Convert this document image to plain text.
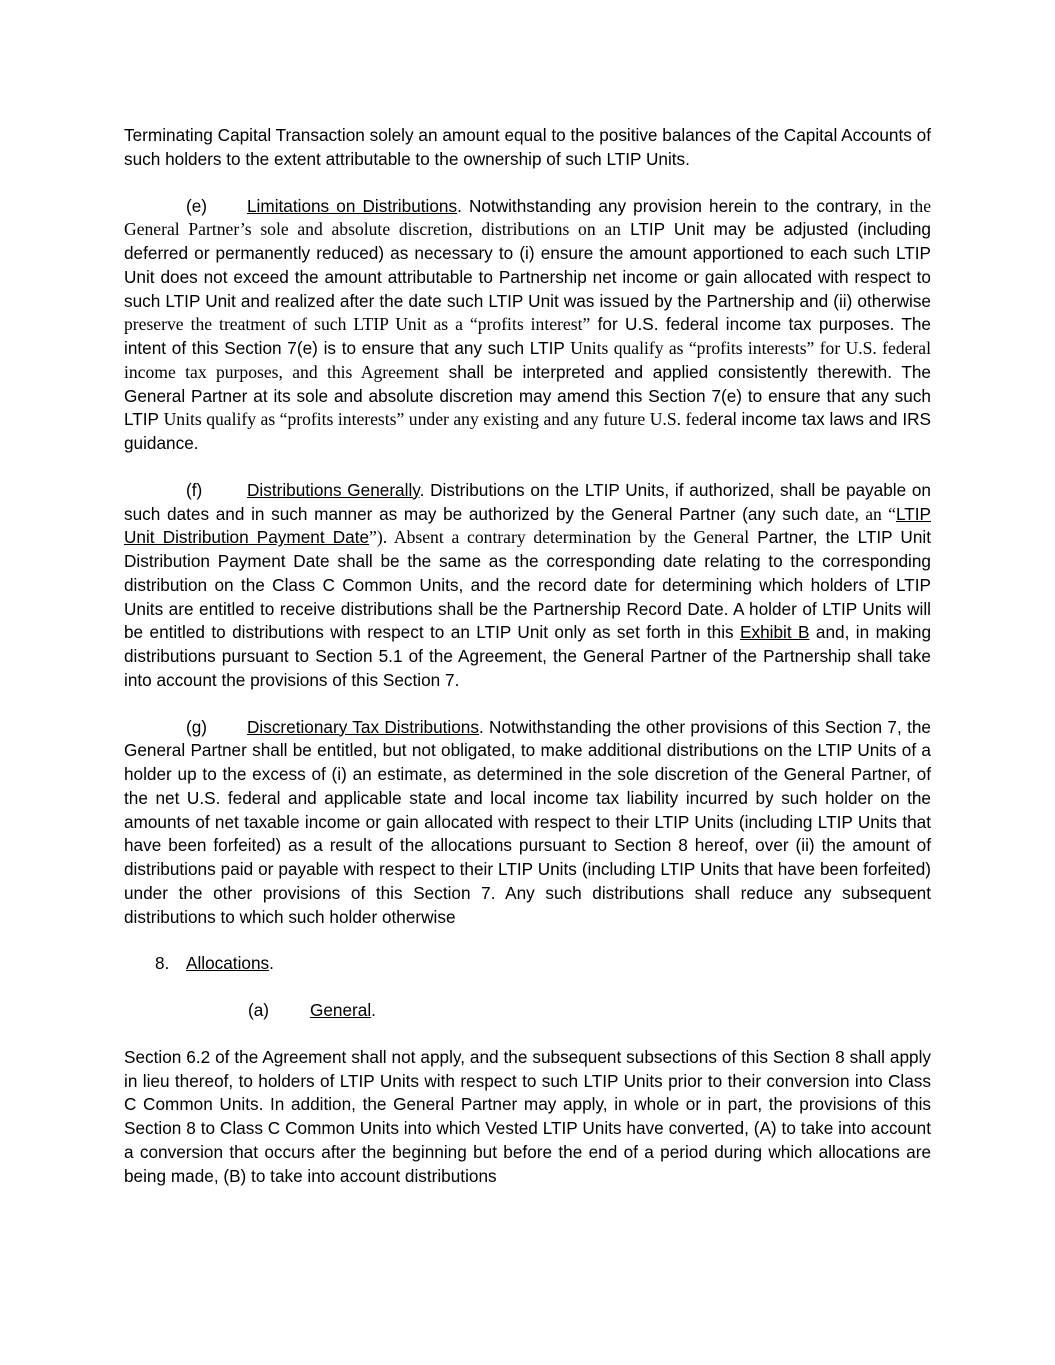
Terminating Capital Transaction solely an amount equal to the positive balances of the Capital Accounts of such holders to the extent attributable to the ownership of such LTIP Units.

(e) Limitations on Distributions. Notwithstanding any provision herein to the contrary, in the General Partner’s sole and absolute discretion, distributions on an LTIP Unit may be adjusted (including deferred or permanently reduced) as necessary to (i) ensure the amount apportioned to each such LTIP Unit does not exceed the amount attributable to Partnership net income or gain allocated with respect to such LTIP Unit and realized after the date such LTIP Unit was issued by the Partnership and (ii) otherwise preserve the treatment of such LTIP Unit as a “profits interest” for U.S. federal income tax purposes. The intent of this Section 7(e) is to ensure that any such LTIP Units qualify as “profits interests” for U.S. federal income tax purposes, and this Agreement shall be interpreted and applied consistently therewith. The General Partner at its sole and absolute discretion may amend this Section 7(e) to ensure that any such LTIP Units qualify as “profits interests” under any existing and any future U.S. federal income tax laws and IRS guidance.

(f)	Distributions Generally. Distributions on the LTIP Units, if authorized, shall be payable on such dates and in such manner as may be authorized by the General Partner (any such date, an “LTIP Unit Distribution Payment Date”). Absent a contrary determination by the General Partner, the LTIP Unit Distribution Payment Date shall be the same as the corresponding date relating to the corresponding distribution on the Class C Common Units, and the record date for determining which holders of LTIP Units are entitled to receive distributions shall be the Partnership Record Date. A holder of LTIP Units will be entitled to distributions with respect to an LTIP Unit only as set forth in this Exhibit B and, in making distributions pursuant to Section 5.1 of the Agreement, the General Partner of the Partnership shall take into account the provisions of this Section 7.

(g) Discretionary Tax Distributions. Notwithstanding the other provisions of this Section 7, the General Partner shall be entitled, but not obligated, to make additional distributions on the LTIP Units of a holder up to the excess of (i) an estimate, as determined in the sole discretion of the General Partner, of the net U.S. federal and applicable state and local income tax liability incurred by such holder on the amounts of net taxable income or gain allocated with respect to their LTIP Units (including LTIP Units that have been forfeited) as a result of the allocations pursuant to Section 8 hereof, over (ii) the amount of distributions paid or payable with respect to their LTIP Units (including LTIP Units that have been forfeited) under the other provisions of this Section 7. Any such distributions shall reduce any subsequent distributions to which such holder otherwise

8. Allocations.

(a) General.

Section 6.2 of the Agreement shall not apply, and the subsequent subsections of this Section 8 shall apply in lieu thereof, to holders of LTIP Units with respect to such LTIP Units prior to their conversion into Class C Common Units. In addition, the General Partner may apply, in whole or in part, the provisions of this Section 8 to Class C Common Units into which Vested LTIP Units have converted, (A) to take into account a conversion that occurs after the beginning but before the end of a period during which allocations are being made, (B) to take into account distributions
